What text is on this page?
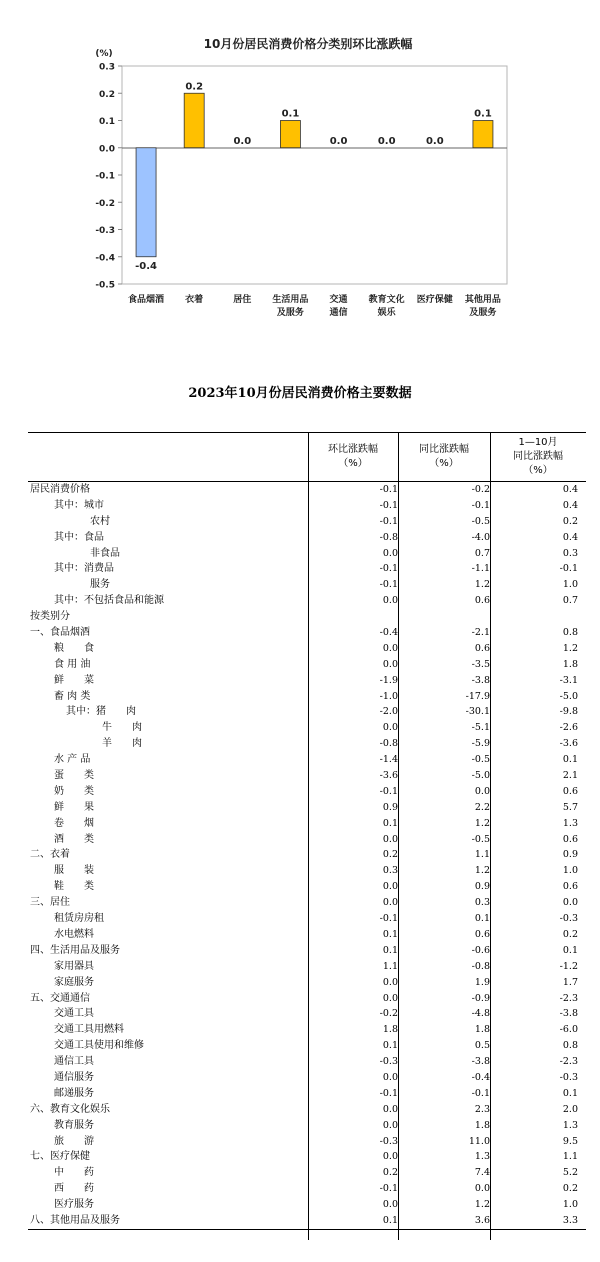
10月份居民消费价格分类别环比涨跌幅
(%)
0.3
0.2
0.1
0.0
-0.1
-0.2
-0.3
-0.4
-0.5
-0.4
0.2
0.0
0.1
0.0	0.0	0.0
0.1
食品烟酒 衣着	居住 生活用品
及服务
交通
通信
教育文化
娱乐
医疗保健 其他用品
及服务
2023年10月份居民消费价格主要数据
环比涨跌幅
（%）
同比涨跌幅
（%）
1—10月
同比涨跌幅
（%）
居民消费价格	-0.1	-0.2	0.4
其中：城市	-0.1	-0.1	0.4
农村	-0.1	-0.5	0.2
其中：食品	-0.8	-4.0	0.4
非食品	0.0	0.7	0.3
其中：消费品	-0.1	-1.1	-0.1
服务	-0.1	1.2	1.0
其中：不包括食品和能源	0.0	0.6	0.7
按类别分
一、食品烟酒	-0.4	-2.1	0.8
粮　　食	0.0	0.6	1.2
食 用 油	0.0	-3.5	1.8
鲜　　菜	-1.9	-3.8	-3.1
畜 肉 类	-1.0	-17.9	-5.0
其中：猪　　肉	-2.0	-30.1	-9.8
牛　　肉	0.0	-5.1	-2.6
羊　　肉	-0.8	-5.9	-3.6
水 产 品	-1.4	-0.5	0.1
蛋　　类	-3.6	-5.0	2.1
奶　　类	-0.1	0.0	0.6
鲜　　果	0.9	2.2	5.7
卷　　烟	0.1	1.2	1.3
酒　　类	0.0	-0.5	0.6
二、衣着	0.2	1.1	0.9
服　　装	0.3	1.2	1.0
鞋　　类	0.0	0.9	0.6
三、居住	0.0	0.3	0.0
租赁房房租	-0.1	0.1	-0.3
水电燃料	0.1	0.6	0.2
四、生活用品及服务	0.1	-0.6	0.1
家用器具	1.1	-0.8	-1.2
家庭服务	0.0	1.9	1.7
五、交通通信	0.0	-0.9	-2.3
交通工具	-0.2	-4.8	-3.8
交通工具用燃料	1.8	1.8	-6.0
交通工具使用和维修	0.1	0.5	0.8
通信工具	-0.3	-3.8	-2.3
通信服务	0.0	-0.4	-0.3
邮递服务	-0.1	-0.1	0.1
六、教育文化娱乐	0.0	2.3	2.0
教育服务	0.0	1.8	1.3
旅　　游	-0.3	11.0	9.5
七、医疗保健	0.0	1.3	1.1
中　　药	0.2	7.4	5.2
西　　药	-0.1	0.0	0.2
医疗服务	0.0	1.2	1.0
八、其他用品及服务	0.1	3.6	3.3
